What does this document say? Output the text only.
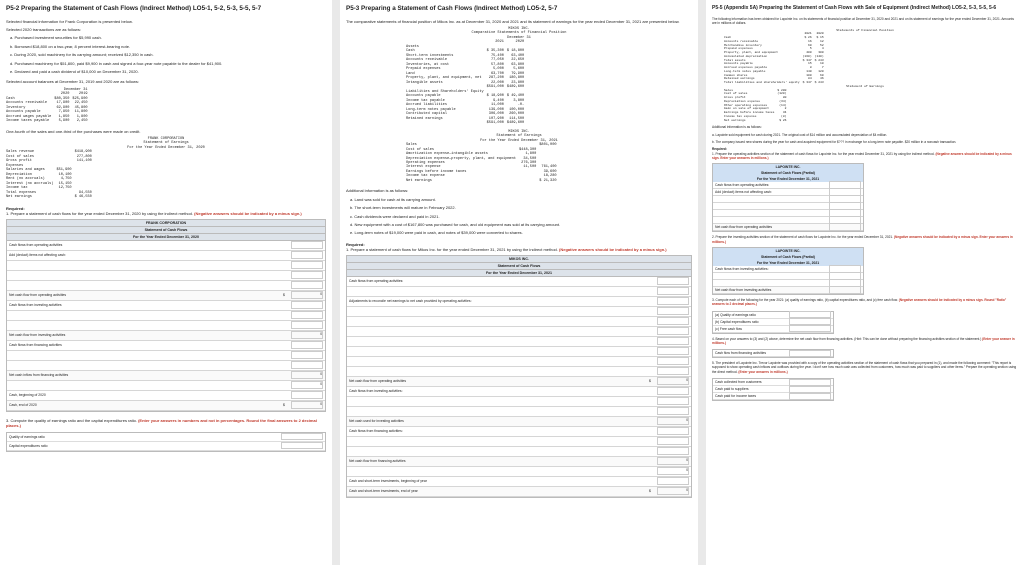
P5-2 Preparing the Statement of Cash Flows (Indirect Method) LO5-1, 5-2, 5-3, 5-5, 5-7

Selected financial information for Frank Corporation is presented below.

Selected 2020 transactions are as follows:

a. Purchased investment securities for $5,990 cash.
b. Borrowed $18,800 on a two-year, 8 percent interest-bearing note.
c. During 2020, sold machinery for its carrying amount; received $12,350 in cash.
d. Purchased machinery for $51,800, paid $9,900 in cash and signed a four-year note payable to the dealer for $41,900.
e. Declared and paid a cash dividend of $10,000 on December 31, 2020.

Selected account balances at December 31, 2019 and 2020 are as follows:

	December 31	
	2020	2019
Cash	$80,350	$25,900
Accounts receivable	17,900	22,450
Inventory	62,900	45,800
Accounts payable	7,950	11,800
Accrued wages payable	1,850	1,800
Income taxes payable	5,900	2,450

One-fourth of the sales and one-third of the purchases were made on credit.

FRANK CORPORATION
Statement of Earnings
For the Year Ended December 31, 2020
Sales revenue		$418,900
Cost of sales		277,800
Gross profit		141,100
Expenses		
Salaries and wages	$51,900	
Depreciation	10,100	
Rent (no accruals)	4,750	
Interest (no accruals)	15,150	
Income tax	12,750	
Total expenses		94,550
Net earnings		$ 46,550
Required:
1. Prepare a statement of cash flows for the year ended December 31, 2020 by using the indirect method. (Negative answers should be indicated by a minus sign.)
FRANK CORPORATION
Statement of Cash Flows
For the Year Ended December 31, 2020
Cash flows from operating activities
Add (deduct) items not affecting cash:
Net cash flow from operating activities	$	0
Cash flows from investing activities
Net cash flow from investing activities	0
Cash flows from financing activities
Net cash inflow from financing activities	0
0
Cash, beginning of 2020
Cash, end of 2020	$	0
3. Compute the quality of earnings ratio and the capital expenditures ratio. (Enter your answers in numbers and not in percentages. Round the final answers to 2 decimal places.)
Quality of earnings ratio
Capital expenditures ratio
P5-3 Preparing a Statement of Cash Flows (Indirect Method) LO5-2, 5-7

The comparative statements of financial position of Mikos Inc. as at December 31, 2020 and 2021 and its statement of earnings for the year ended December 31, 2021 are presented below.

MIKOS INC.
Comparative Statements of Financial Position
December 31
	2021	2020
Assets		
Cash	$ 35,300	$ 18,800
Short-term investments	75,400	63,400
Accounts receivable	77,050	22,650
Inventories, at cost	57,800	63,800
Prepaid expenses	5,000	5,600
Land	63,700	79,900
Property, plant, and equipment, net	287,200	180,800
Intangible assets	22,000	23,800
	$591,000	$489,600
Liabilities and Shareholders' Equity		
Accounts payable	$ 18,900	$ 49,400
Income tax payable	9,400	3,800
Accrued liabilities	11,000	-0-
Long-term notes payable	139,000	100,000
Contributed capital	306,000	260,000
Retained earnings	107,900	114,500
	$591,000	$489,600
MIKOS INC.
Statement of Earnings
For the Year Ended December 31, 2021
Sales		$801,000
Cost of sales	$448,300	
Amortization expense—intangible assets	1,800	
Depreciation expense—property, plant, and equipment	34,500	
Operating expenses	276,300	
Interest expense	11,500	761,400
Earnings before income taxes		39,600
Income tax expense		18,280
Net earnings		$ 21,320

Additional information is as follows:

a. Land was sold for cash at its carrying amount.
b. The short-term investments will mature in February 2022.
c. Cash dividends were declared and paid in 2021.
d. New equipment with a cost of $167,800 was purchased for cash, and old equipment was sold at its carrying amount.
e. Long-term notes of $19,000 were paid in cash, and notes of $39,000 were converted to shares.
Required:
1. Prepare a statement of cash flows for Mikos Inc. for the year ended December 31, 2021 by using the indirect method. (Negative answers should be indicated by a minus sign.)
MIKOS INC.
Statement of Cash Flows
For the Year Ended December 31, 2021
Cash flows from operating activities:
Adjustments to reconcile net earnings to net cash provided by operating activities:
Net cash flow from operating activities	$	0
Cash flows from investing activities:
Net cash used for investing activities	0
Cash flows from financing activities:
Net cash flow from financing activities	0
0
Cash and short-term investments, beginning of year
Cash and short-term investments, end of year	$	0
P5-5 (Appendix 5A) Preparing the Statement of Cash Flows with Sale of Equipment (Indirect Method) LO5-2, 5-3, 5-5, 5-6

The following information has been obtained for Lapointe Inc. on its statements of financial position at December 31, 2020 and 2021 and on its statement of earnings for the year ended December 31, 2021. Amounts are in millions of dollars.

Statements of Financial Position
	2021	2020
Cash	$ 26	$ 15
Accounts receivable	16	12
Merchandise inventory	60	52
Prepaid expenses	5	4
Property, plant, and equipment	400	300
Accumulated depreciation	(160)	(140)
Total assets	$ 347	$ 243
Accounts payable	15	10
Accrued expenses payable	8	7
Long-term notes payable	140	120
Common shares	100	60
Retained earnings	84	46
Total liabilities and shareholders' equity	$ 347	$ 243
Statement of Earnings
Sales	$ 200
Cost of sales	(120)
Gross profit	80
Depreciation expense	(34)
Other operating expenses	(14)
Gain on sale of equipment	2
Earnings before income taxes	34
Income tax expense	(8)
Net earnings	$ 26

Additional information is as follows:

a. Lapointe sold equipment for cash during 2021. The original cost of $14 million and accumulated depreciation of $4 million.

b. The company issued new shares during the year for cash and acquired equipment for $??? in exchange for a long-term note payable. $20 million in a noncash transaction.

Required:

1. Prepare the operating activities section of the statement of cash flows for Lapointe Inc. for the year ended December 31, 2021 by using the indirect method. (Negative answers should be indicated by a minus sign. Enter your answers in millions.)

LAPOINTE INC.
Statement of Cash Flows (Partial)
For the Year Ended December 31, 2021
Cash flows from operating activities:
Add (deduct) items not affecting cash:
Net cash flow from operating activities

2. Prepare the investing activities section of the statement of cash flows for Lapointe Inc. for the year ended December 31, 2021. (Negative answers should be indicated by a minus sign. Enter your answers in millions.)

LAPOINTE INC.
Statement of Cash Flows (Partial)
For the Year Ended December 31, 2021
Cash flows from investing activities:
Net cash flow from investing activities

3. Compute each of the following for the year 2021: (a) quality of earnings ratio, (b) capital expenditures ratio, and (c) free cash flow. (Negative answers should be indicated by a minus sign. Round "Ratio" answers to 2 decimal places.)

(a) Quality of earnings ratio
(b) Capital expenditures ratio
(c) Free cash flow

4. Based on your answers to (3) and (2) above, determine the net cash flow from financing activities. (Hint: This can be done without preparing the financing activities section of the statement.) (Enter your answer in millions.)

Cash flow from financing activities

5. The president of Lapointe Inc. Trevor Lapointe was provided with a copy of the operating activities section of the statement of cash flows that you prepared in (1), and made the following comment: "This report is supposed to show operating cash inflows and outflows during the year. I don't see how much cash was collected from customers, how much was paid to suppliers and other items." Prepare the operating section using the direct method. (Enter your answers in millions.)

Cash collected from customers
Cash paid to suppliers
Cash paid for income taxes
